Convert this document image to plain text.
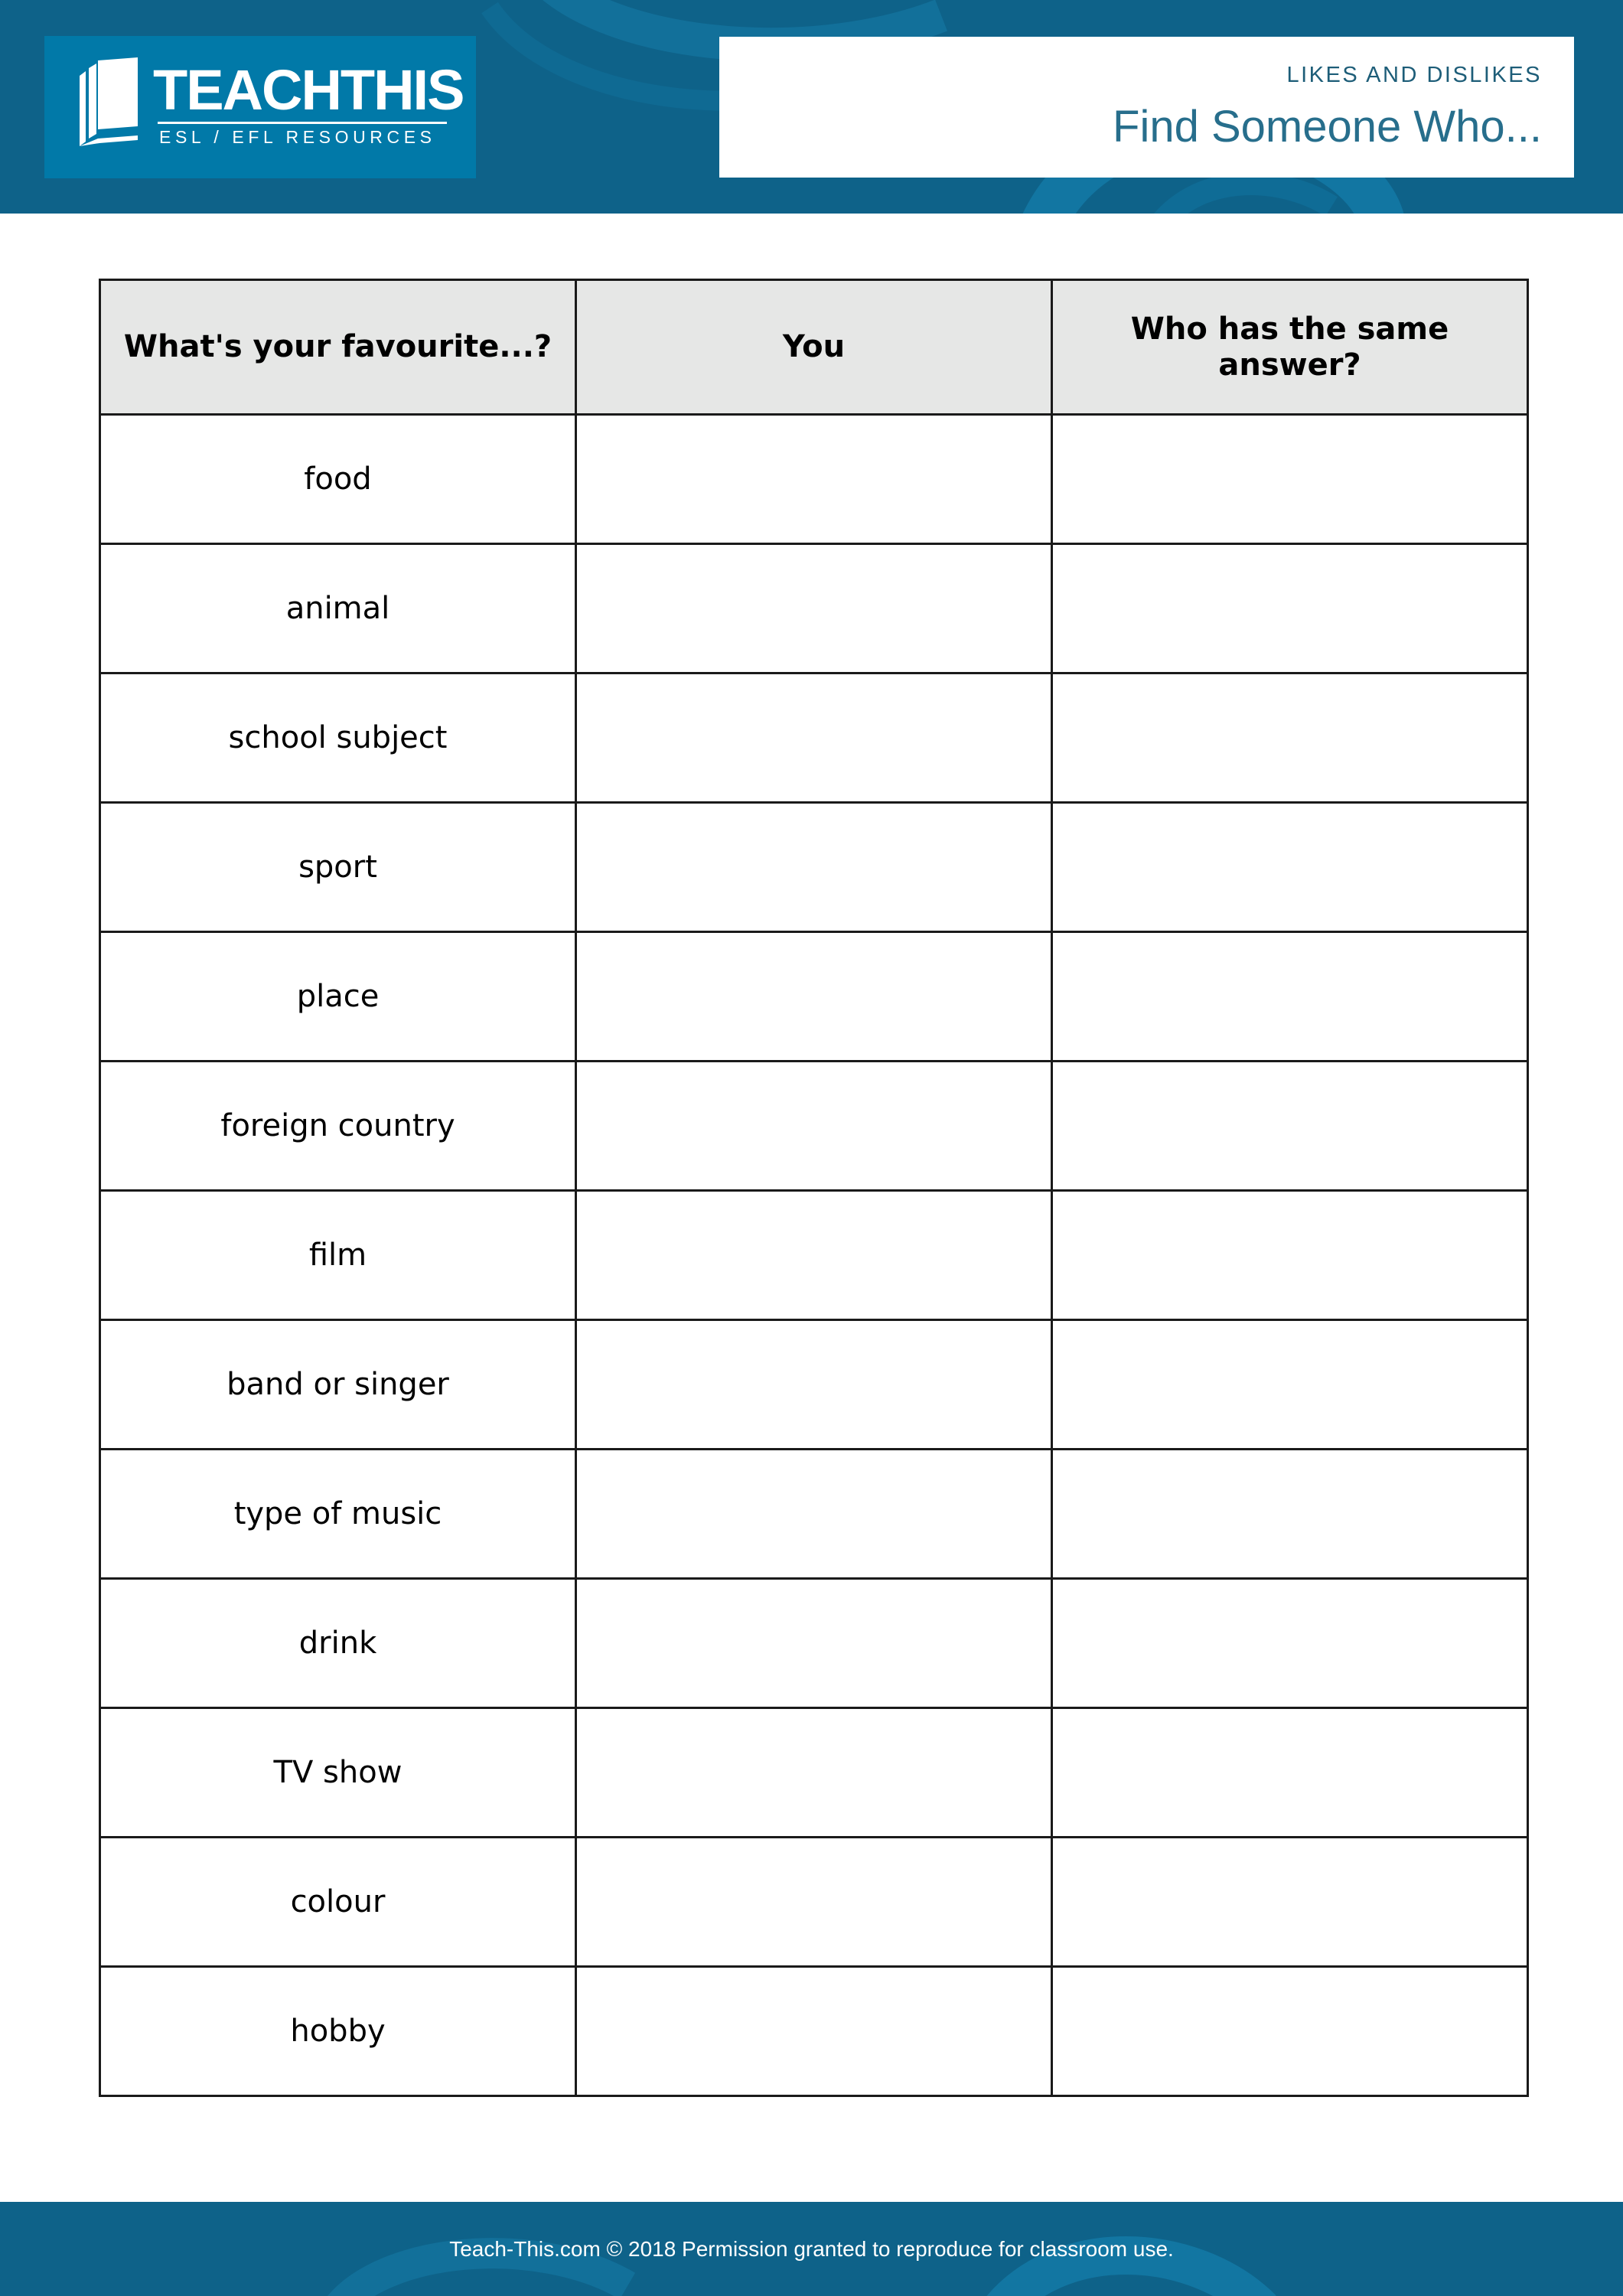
TEACHTHIS
ESL / EFL RESOURCES
LIKES AND DISLIKES
Find Someone Who...
What's your favourite...?	You	Who has the same answer?
food		
animal		
school subject		
sport		
place		
foreign country		
film		
band or singer		
type of music		
drink		
TV show		
colour		
hobby		
Teach-This.com © 2018 Permission granted to reproduce for classroom use.
